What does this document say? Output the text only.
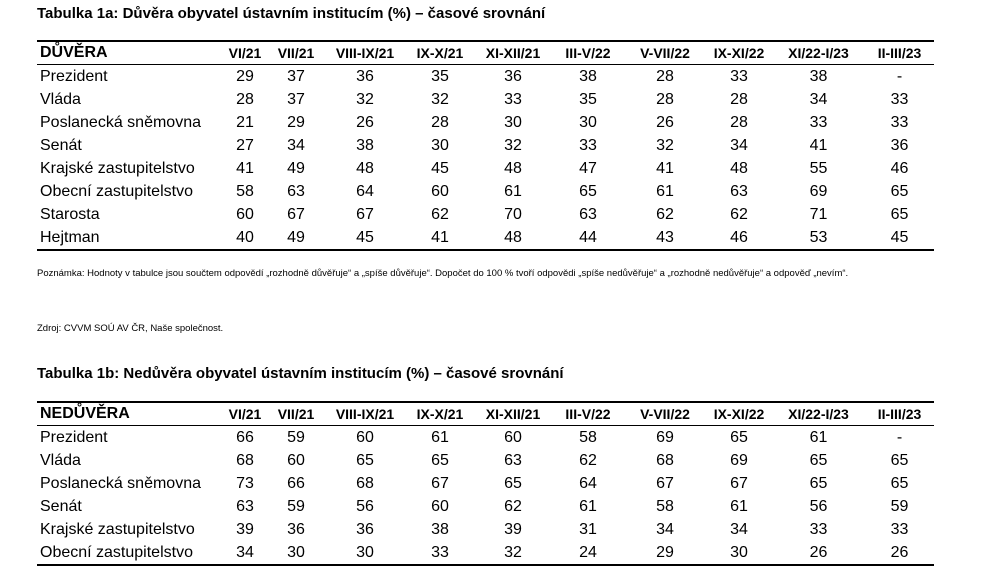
Tabulka 1a: Důvěra obyvatel ústavním institucím (%) – časové srovnání
DŮVĚRA	VI/21	VII/21	VIII-IX/21	IX-X/21	XI-XII/21	III-V/22	V-VII/22	IX-XI/22	XI/22-I/23	II-III/23
Prezident	29	37	36	35	36	38	28	33	38	-
Vláda	28	37	32	32	33	35	28	28	34	33
Poslanecká sněmovna	21	29	26	28	30	30	26	28	33	33
Senát	27	34	38	30	32	33	32	34	41	36
Krajské zastupitelstvo	41	49	48	45	48	47	41	48	55	46
Obecní zastupitelstvo	58	63	64	60	61	65	61	63	69	65
Starosta	60	67	67	62	70	63	62	62	71	65
Hejtman	40	49	45	41	48	44	43	46	53	45
Poznámka: Hodnoty v tabulce jsou součtem odpovědí „rozhodně důvěřuje“ a „spíše důvěřuje“. Dopočet do 100 % tvoří odpovědi „spíše nedůvěřuje“ a „rozhodně nedůvěřuje“ a odpověď „nevím“.
Zdroj: CVVM SOÚ AV ČR, Naše společnost.
Tabulka 1b: Nedůvěra obyvatel ústavním institucím (%) – časové srovnání
NEDŮVĚRA	VI/21	VII/21	VIII-IX/21	IX-X/21	XI-XII/21	III-V/22	V-VII/22	IX-XI/22	XI/22-I/23	II-III/23
Prezident	66	59	60	61	60	58	69	65	61	-
Vláda	68	60	65	65	63	62	68	69	65	65
Poslanecká sněmovna	73	66	68	67	65	64	67	67	65	65
Senát	63	59	56	60	62	61	58	61	56	59
Krajské zastupitelstvo	39	36	36	38	39	31	34	34	33	33
Obecní zastupitelstvo	34	30	30	33	32	24	29	30	26	26
